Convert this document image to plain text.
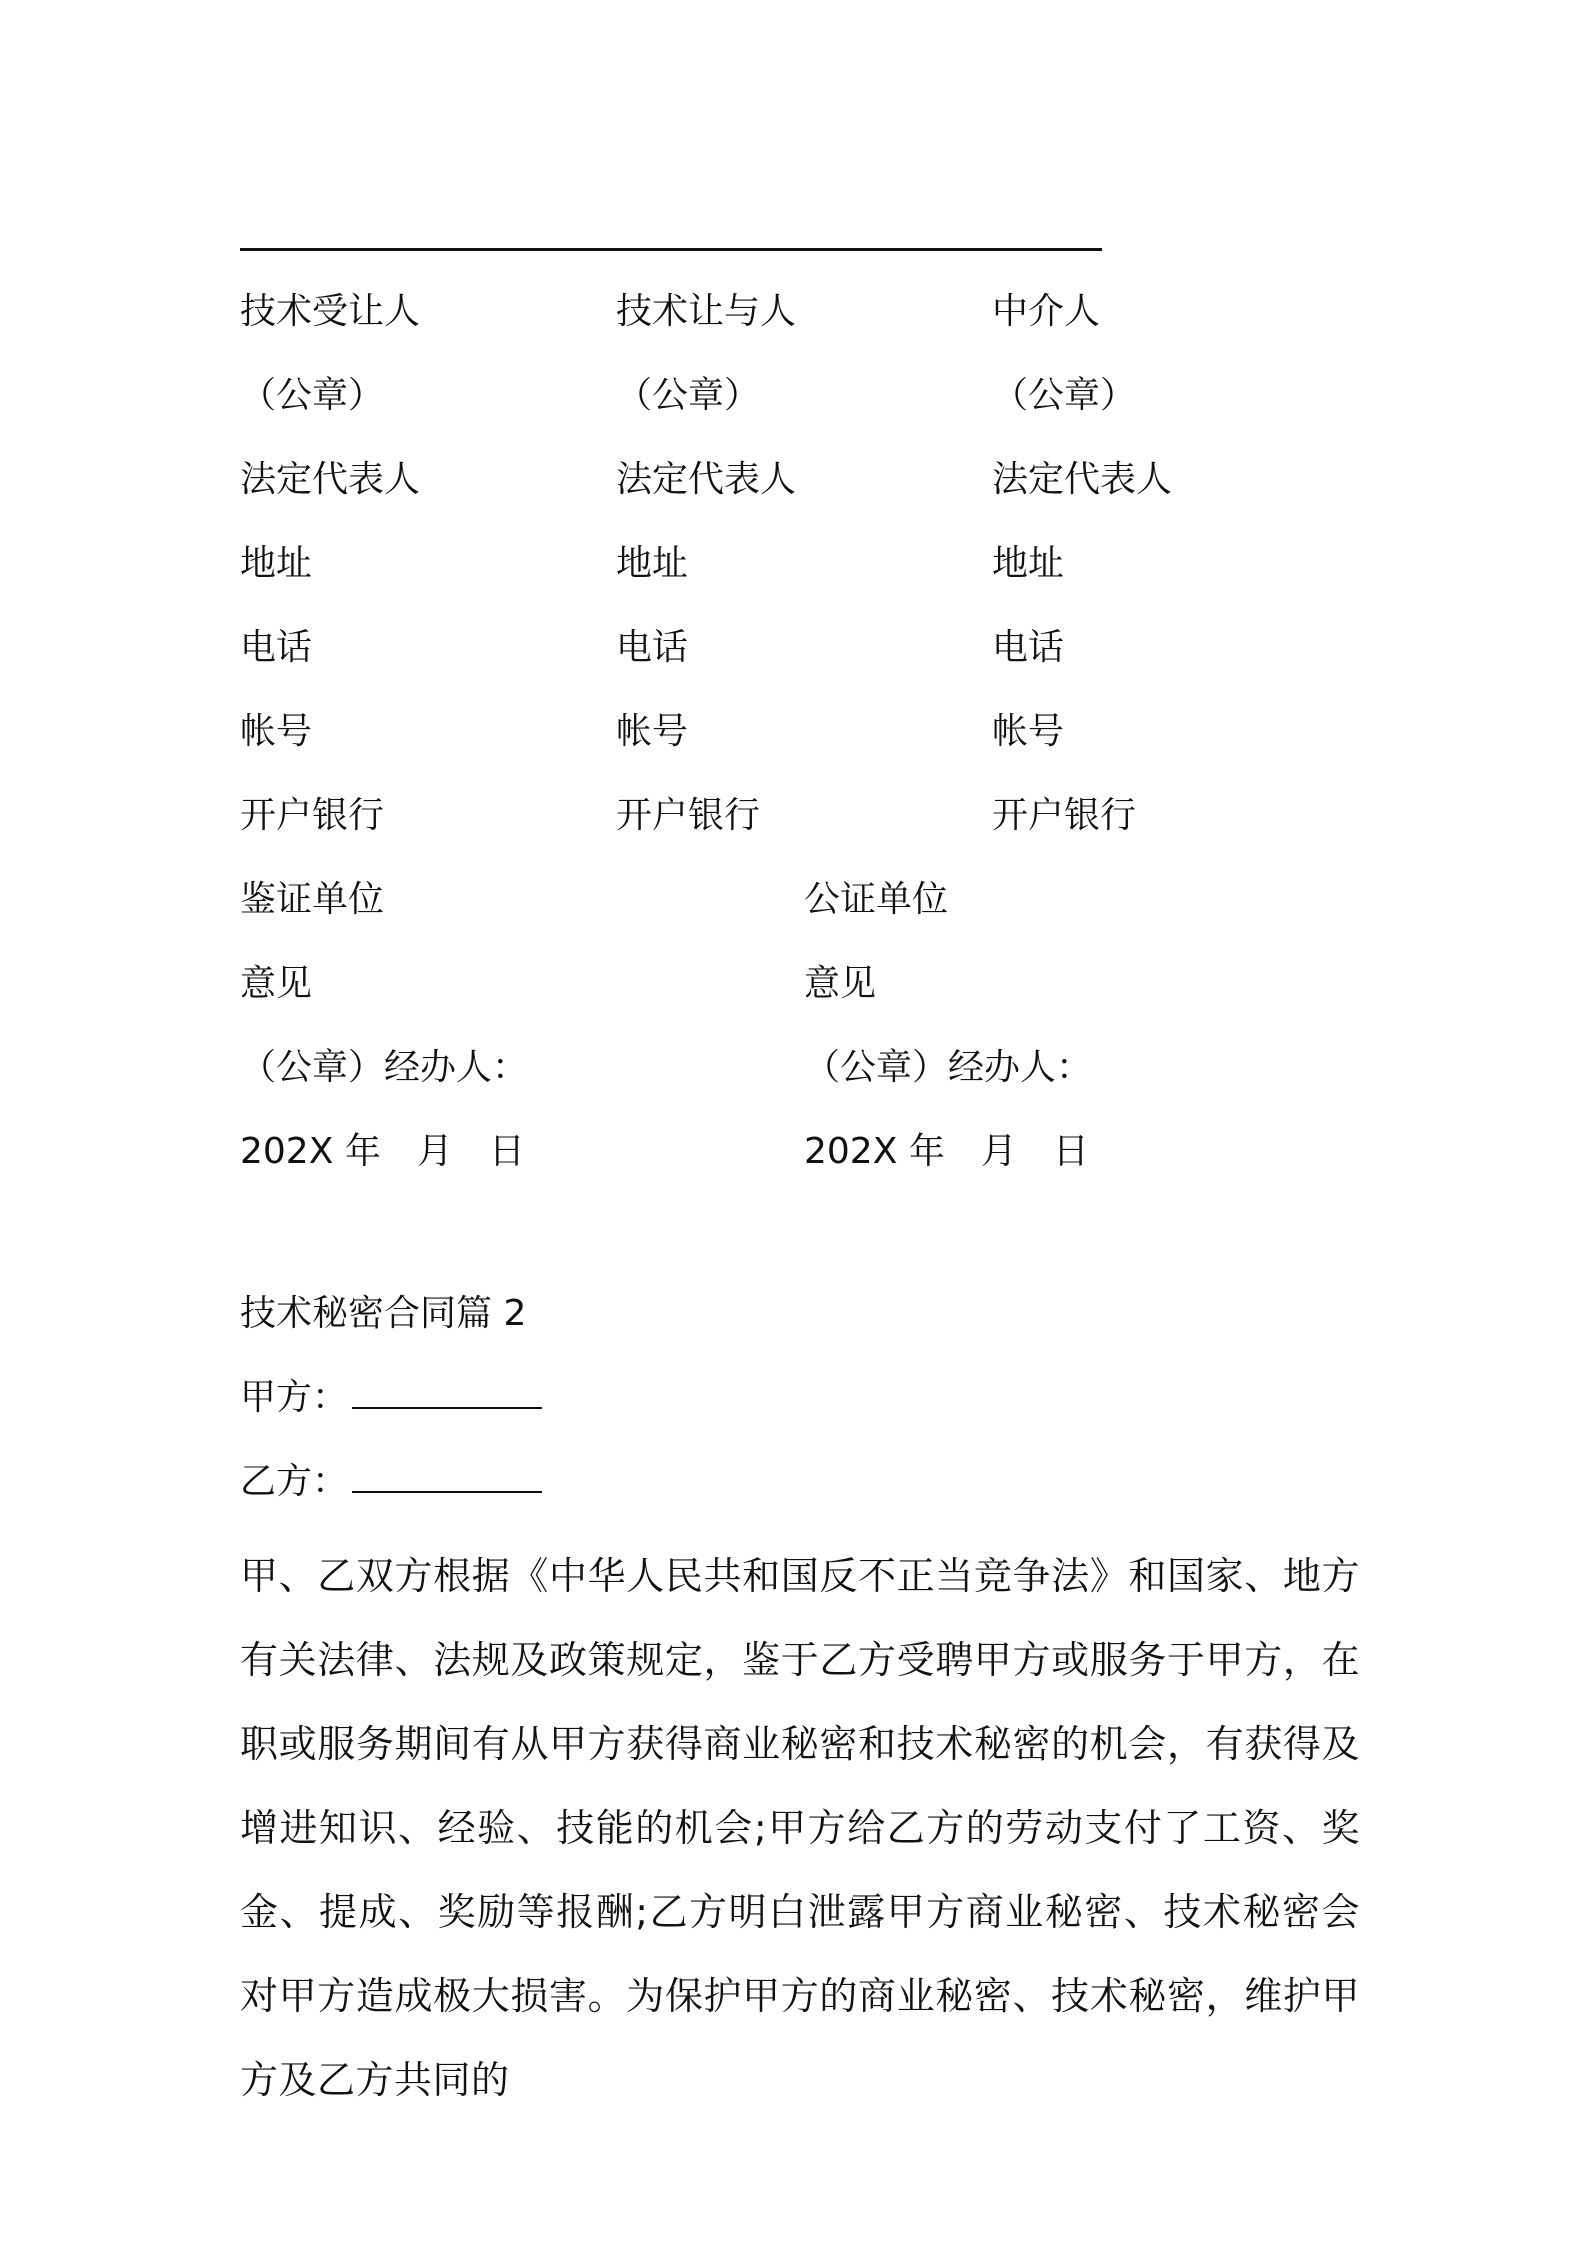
技术受让人
（公章）
法定代表人
地址
电话
帐号
开户银行
技术让与人
（公章）
法定代表人
地址
电话
帐号
开户银行
中介人
（公章）
法定代表人
地址
电话
帐号
开户银行
鉴证单位
意见
（公章）经办人：
202X 年　月　日
公证单位
意见
（公章）经办人：
202X 年　月　日
技术秘密合同篇 2
甲方：
乙方：
甲、乙双方根据《中华人民共和国反不正当竞争法》和国家、地方有关法律、法规及政策规定，鉴于乙方受聘甲方或服务于甲方，在职或服务期间有从甲方获得商业秘密和技术秘密的机会，有获得及增进知识、经验、技能的机会;甲方给乙方的劳动支付了工资、奖金、提成、奖励等报酬;乙方明白泄露甲方商业秘密、技术秘密会对甲方造成极大损害。为保护甲方的商业秘密、技术秘密，维护甲方及乙方共同的
